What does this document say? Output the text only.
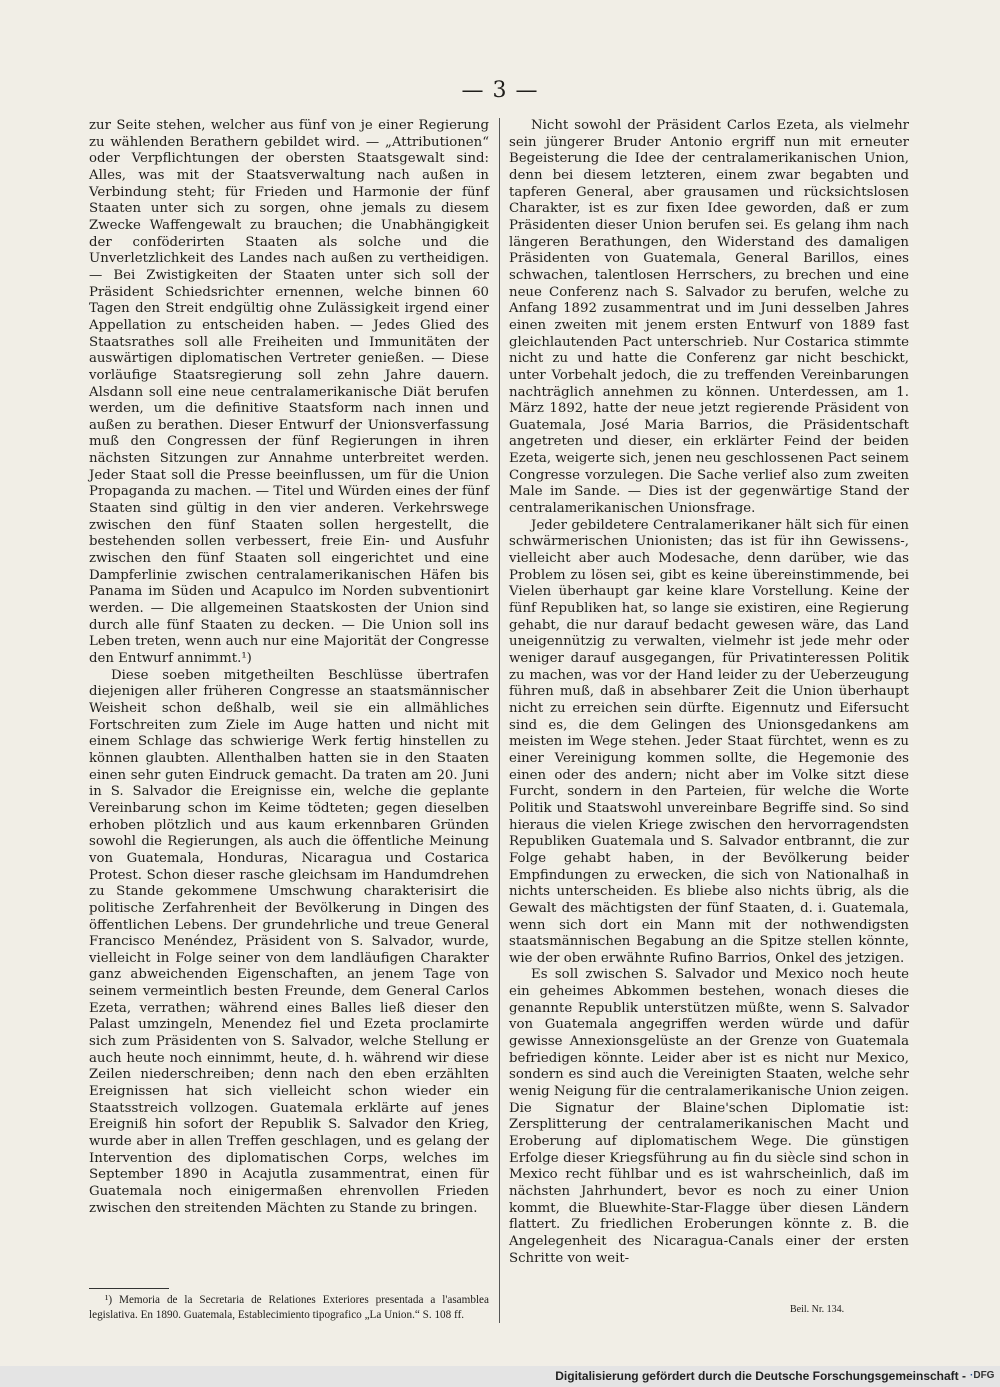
— 3 —

zur Seite stehen, welcher aus fünf von je einer Regierung zu wählenden Berathern gebildet wird. — „Attributionen“ oder Verpflichtungen der obersten Staatsgewalt sind: Alles, was mit der Staatsverwaltung nach außen in Verbindung steht; für Frieden und Harmonie der fünf Staaten unter sich zu sorgen, ohne jemals zu diesem Zwecke Waffengewalt zu brauchen; die Unabhängigkeit der conföderirten Staaten als solche und die Unverletzlichkeit des Landes nach außen zu vertheidigen. — Bei Zwistigkeiten der Staaten unter sich soll der Präsident Schiedsrichter ernennen, welche binnen 60 Tagen den Streit endgültig ohne Zulässigkeit irgend einer Appellation zu entscheiden haben. — Jedes Glied des Staatsrathes soll alle Freiheiten und Immunitäten der auswärtigen diplomatischen Vertreter genießen. — Diese vorläufige Staatsregierung soll zehn Jahre dauern. Alsdann soll eine neue centralamerikanische Diät berufen werden, um die definitive Staatsform nach innen und außen zu berathen. Dieser Entwurf der Unionsverfassung muß den Congressen der fünf Regierungen in ihren nächsten Sitzungen zur Annahme unterbreitet werden. Jeder Staat soll die Presse beeinflussen, um für die Union Propaganda zu machen. — Titel und Würden eines der fünf Staaten sind gültig in den vier anderen. Verkehrswege zwischen den fünf Staaten sollen hergestellt, die bestehenden sollen verbessert, freie Ein- und Ausfuhr zwischen den fünf Staaten soll eingerichtet und eine Dampferlinie zwischen centralamerikanischen Häfen bis Panama im Süden und Acapulco im Norden subventionirt werden. — Die allgemeinen Staatskosten der Union sind durch alle fünf Staaten zu decken. — Die Union soll ins Leben treten, wenn auch nur eine Majorität der Congresse den Entwurf annimmt.¹)

Diese soeben mitgetheilten Beschlüsse übertrafen diejenigen aller früheren Congresse an staatsmännischer Weisheit schon deßhalb, weil sie ein allmähliches Fortschreiten zum Ziele im Auge hatten und nicht mit einem Schlage das schwierige Werk fertig hinstellen zu können glaubten. Allenthalben hatten sie in den Staaten einen sehr guten Eindruck gemacht. Da traten am 20. Juni in S. Salvador die Ereignisse ein, welche die geplante Vereinbarung schon im Keime tödteten; gegen dieselben erhoben plötzlich und aus kaum erkennbaren Gründen sowohl die Regierungen, als auch die öffentliche Meinung von Guatemala, Honduras, Nicaragua und Costarica Protest. Schon dieser rasche gleichsam im Handumdrehen zu Stande gekommene Umschwung charakterisirt die politische Zerfahrenheit der Bevölkerung in Dingen des öffentlichen Lebens. Der grundehrliche und treue General Francisco Menéndez, Präsident von S. Salvador, wurde, vielleicht in Folge seiner von dem landläufigen Charakter ganz abweichenden Eigenschaften, an jenem Tage von seinem vermeintlich besten Freunde, dem General Carlos Ezeta, verrathen; während eines Balles ließ dieser den Palast umzingeln, Menendez fiel und Ezeta proclamirte sich zum Präsidenten von S. Salvador, welche Stellung er auch heute noch einnimmt, heute, d. h. während wir diese Zeilen niederschreiben; denn nach den eben erzählten Ereignissen hat sich vielleicht schon wieder ein Staatsstreich vollzogen. Guatemala erklärte auf jenes Ereigniß hin sofort der Republik S. Salvador den Krieg, wurde aber in allen Treffen geschlagen, und es gelang der Intervention des diplomatischen Corps, welches im September 1890 in Acajutla zusammentrat, einen für Guatemala noch einigermaßen ehrenvollen Frieden zwischen den streitenden Mächten zu Stande zu bringen.

Nicht sowohl der Präsident Carlos Ezeta, als vielmehr sein jüngerer Bruder Antonio ergriff nun mit erneuter Begeisterung die Idee der centralamerikanischen Union, denn bei diesem letzteren, einem zwar begabten und tapferen General, aber grausamen und rücksichtslosen Charakter, ist es zur fixen Idee geworden, daß er zum Präsidenten dieser Union berufen sei. Es gelang ihm nach längeren Berathungen, den Widerstand des damaligen Präsidenten von Guatemala, General Barillos, eines schwachen, talentlosen Herrschers, zu brechen und eine neue Conferenz nach S. Salvador zu berufen, welche zu Anfang 1892 zusammentrat und im Juni desselben Jahres einen zweiten mit jenem ersten Entwurf von 1889 fast gleichlautenden Pact unterschrieb. Nur Costarica stimmte nicht zu und hatte die Conferenz gar nicht beschickt, unter Vorbehalt jedoch, die zu treffenden Vereinbarungen nachträglich annehmen zu können. Unterdessen, am 1. März 1892, hatte der neue jetzt regierende Präsident von Guatemala, José Maria Barrios, die Präsidentschaft angetreten und dieser, ein erklärter Feind der beiden Ezeta, weigerte sich, jenen neu geschlossenen Pact seinem Congresse vorzulegen. Die Sache verlief also zum zweiten Male im Sande. — Dies ist der gegenwärtige Stand der centralamerikanischen Unionsfrage.

Jeder gebildetere Centralamerikaner hält sich für einen schwärmerischen Unionisten; das ist für ihn Gewissens-, vielleicht aber auch Modesache, denn darüber, wie das Problem zu lösen sei, gibt es keine übereinstimmende, bei Vielen überhaupt gar keine klare Vorstellung. Keine der fünf Republiken hat, so lange sie existiren, eine Regierung gehabt, die nur darauf bedacht gewesen wäre, das Land uneigennützig zu verwalten, vielmehr ist jede mehr oder weniger darauf ausgegangen, für Privatinteressen Politik zu machen, was vor der Hand leider zu der Ueberzeugung führen muß, daß in absehbarer Zeit die Union überhaupt nicht zu erreichen sein dürfte. Eigennutz und Eifersucht sind es, die dem Gelingen des Unionsgedankens am meisten im Wege stehen. Jeder Staat fürchtet, wenn es zu einer Vereinigung kommen sollte, die Hegemonie des einen oder des andern; nicht aber im Volke sitzt diese Furcht, sondern in den Parteien, für welche die Worte Politik und Staatswohl unvereinbare Begriffe sind. So sind hieraus die vielen Kriege zwischen den hervorragendsten Republiken Guatemala und S. Salvador entbrannt, die zur Folge gehabt haben, in der Bevölkerung beider Empfindungen zu erwecken, die sich von Nationalhaß in nichts unterscheiden. Es bliebe also nichts übrig, als die Gewalt des mächtigsten der fünf Staaten, d. i. Guatemala, wenn sich dort ein Mann mit der nothwendigsten staatsmännischen Begabung an die Spitze stellen könnte, wie der oben erwähnte Rufino Barrios, Onkel des jetzigen.

Es soll zwischen S. Salvador und Mexico noch heute ein geheimes Abkommen bestehen, wonach dieses die genannte Republik unterstützen müßte, wenn S. Salvador von Guatemala angegriffen werden würde und dafür gewisse Annexionsgelüste an der Grenze von Guatemala befriedigen könnte. Leider aber ist es nicht nur Mexico, sondern es sind auch die Vereinigten Staaten, welche sehr wenig Neigung für die centralamerikanische Union zeigen. Die Signatur der Blaine'schen Diplomatie ist: Zersplitterung der centralamerikanischen Macht und Eroberung auf diplomatischem Wege. Die günstigen Erfolge dieser Kriegsführung au fin du siècle sind schon in Mexico recht fühlbar und es ist wahrscheinlich, daß im nächsten Jahrhundert, bevor es noch zu einer Union kommt, die Bluewhite-Star-Flagge über diesen Ländern flattert. Zu friedlichen Eroberungen könnte z. B. die Angelegenheit des Nicaragua-Canals einer der ersten Schritte von weit-

¹) Memoria de la Secretaria de Relationes Exteriores presentada a l'asamblea legislativa. En 1890. Guatemala, Establecimiento tipografico „La Union.“ S. 108 ff.	Beil. Nr. 134.
Digitalisierung gefördert durch die Deutsche Forschungsgemeinschaft - ·DFG
